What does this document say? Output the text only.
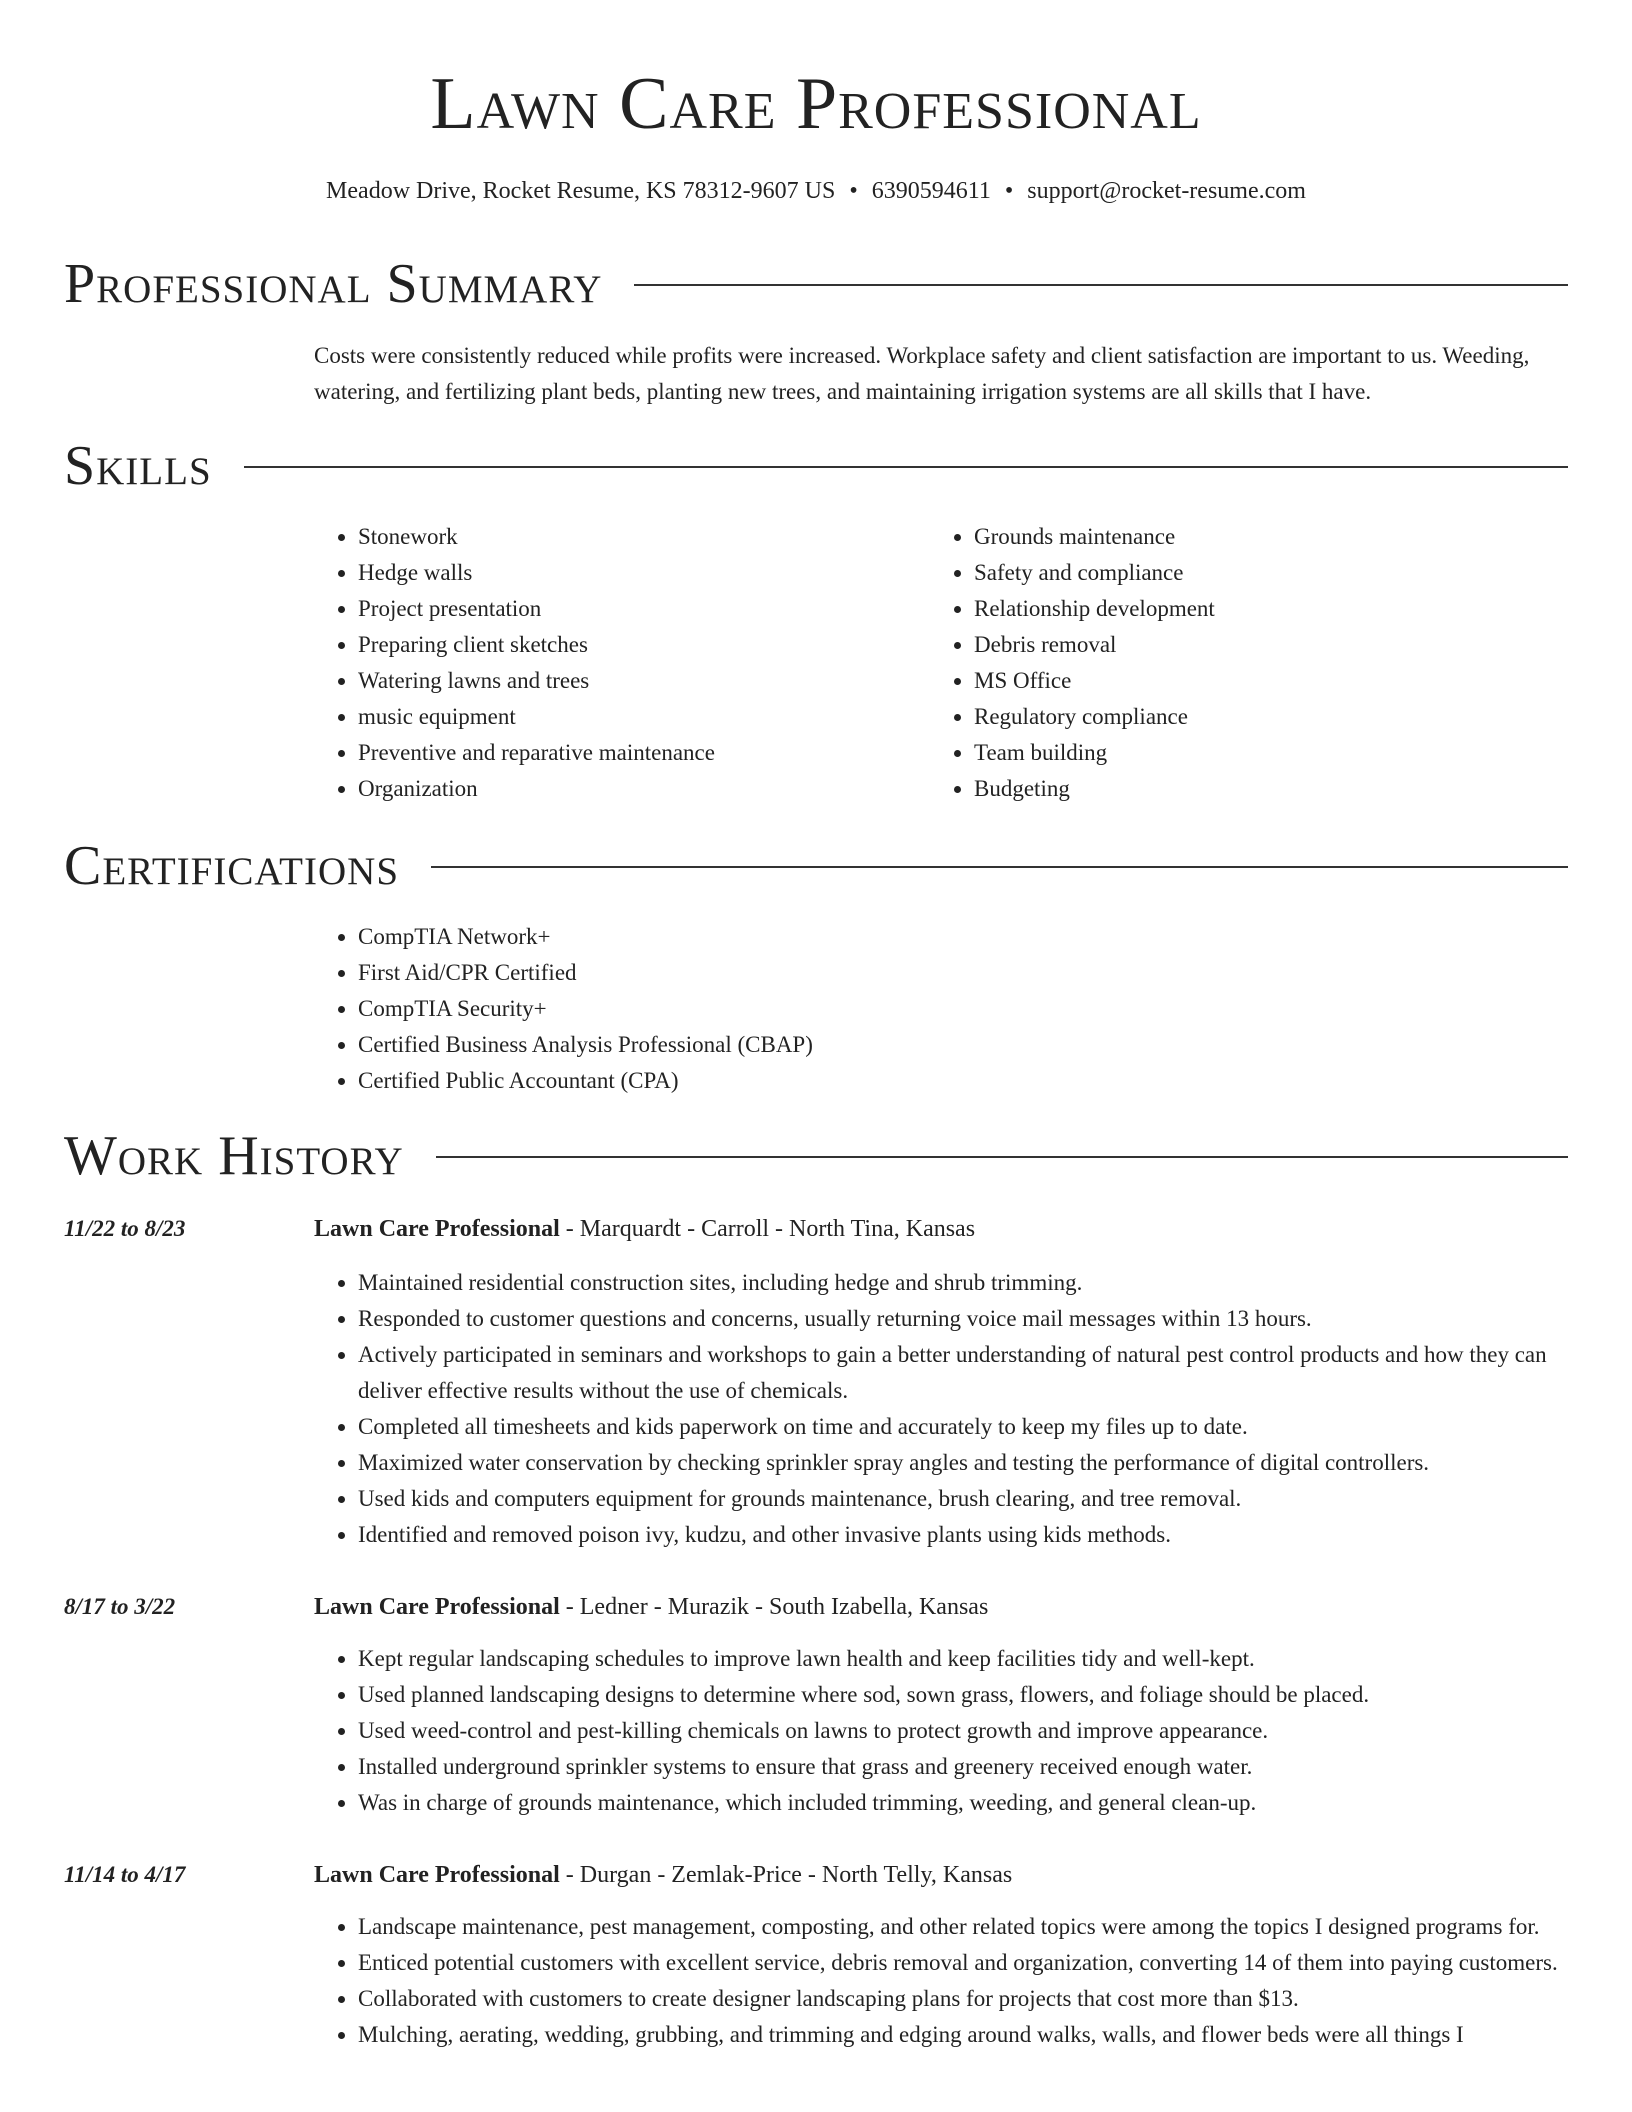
Lawn Care Professional
Meadow Drive, Rocket Resume, KS 78312-9607 US • 6390594611 • support@rocket-resume.com
Professional Summary

Costs were consistently reduced while profits were increased. Workplace safety and client satisfaction are important to us. Weeding, watering, and fertilizing plant beds, planting new trees, and maintaining irrigation systems are all skills that I have.

Skills
• Stonework
• Hedge walls
• Project presentation
• Preparing client sketches
• Watering lawns and trees
• music equipment
• Preventive and reparative maintenance
• Organization
• Grounds maintenance
• Safety and compliance
• Relationship development
• Debris removal
• MS Office
• Regulatory compliance
• Team building
• Budgeting
Certifications
• CompTIA Network+
• First Aid/CPR Certified
• CompTIA Security+
• Certified Business Analysis Professional (CBAP)
• Certified Public Accountant (CPA)
Work History
11/22 to 8/23	Lawn Care Professional - Marquardt - Carroll - North Tina, Kansas
• Maintained residential construction sites, including hedge and shrub trimming.
• Responded to customer questions and concerns, usually returning voice mail messages within 13 hours.
• Actively participated in seminars and workshops to gain a better understanding of natural pest control products and how they can deliver effective results without the use of chemicals.
• Completed all timesheets and kids paperwork on time and accurately to keep my files up to date.
• Maximized water conservation by checking sprinkler spray angles and testing the performance of digital controllers.
• Used kids and computers equipment for grounds maintenance, brush clearing, and tree removal.
• Identified and removed poison ivy, kudzu, and other invasive plants using kids methods.
8/17 to 3/22	Lawn Care Professional - Ledner - Murazik - South Izabella, Kansas
• Kept regular landscaping schedules to improve lawn health and keep facilities tidy and well-kept.
• Used planned landscaping designs to determine where sod, sown grass, flowers, and foliage should be placed.
• Used weed-control and pest-killing chemicals on lawns to protect growth and improve appearance.
• Installed underground sprinkler systems to ensure that grass and greenery received enough water.
• Was in charge of grounds maintenance, which included trimming, weeding, and general clean-up.
11/14 to 4/17	Lawn Care Professional - Durgan - Zemlak-Price - North Telly, Kansas
• Landscape maintenance, pest management, composting, and other related topics were among the topics I designed programs for.
• Enticed potential customers with excellent service, debris removal and organization, converting 14 of them into paying customers.
• Collaborated with customers to create designer landscaping plans for projects that cost more than $13.
• Mulching, aerating, wedding, grubbing, and trimming and edging around walks, walls, and flower beds were all things I
